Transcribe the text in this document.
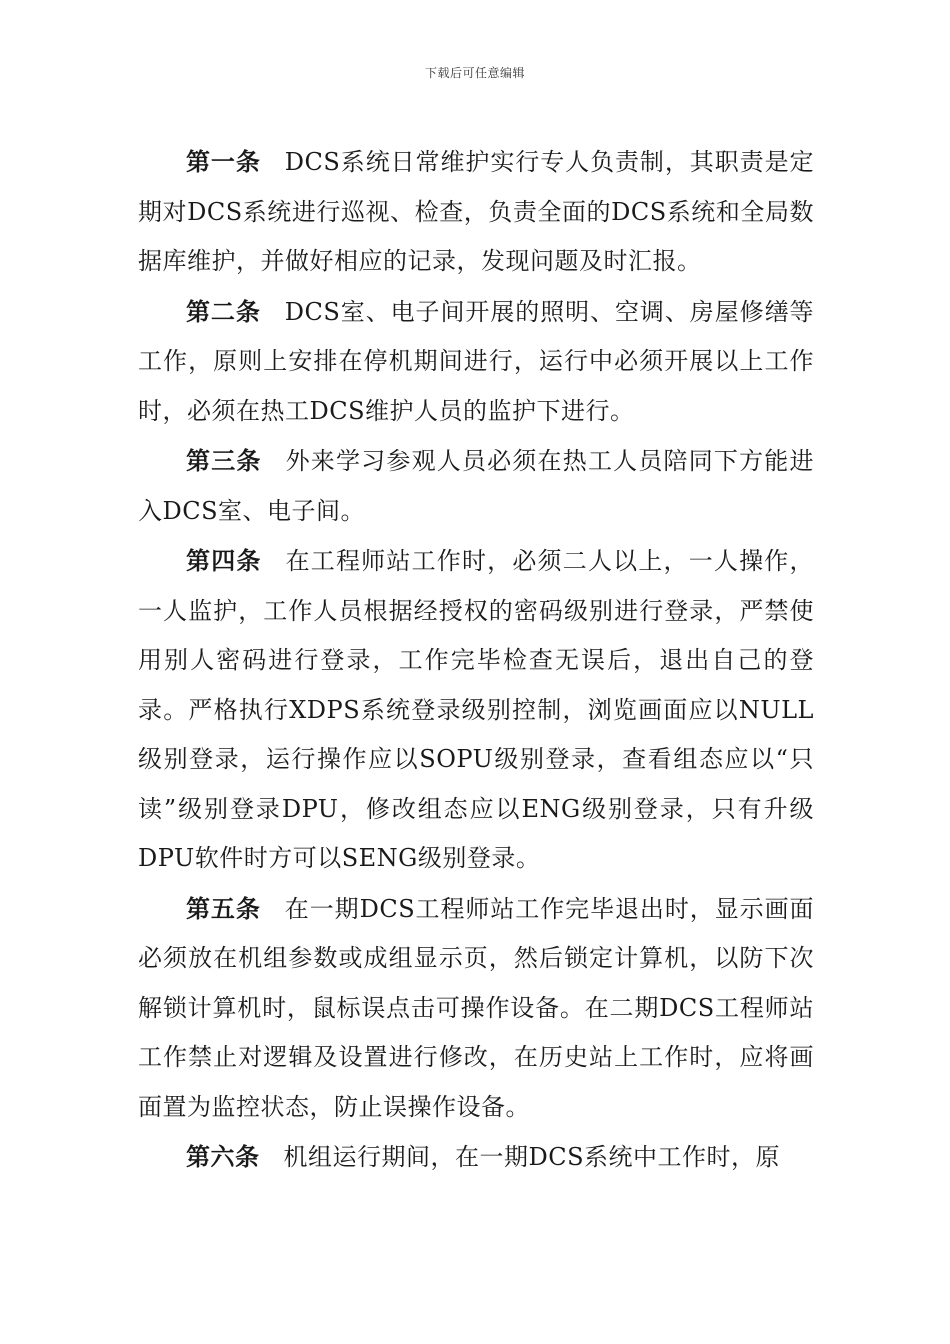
下载后可任意编辑

第一条 DCS系统日常维护实行专人负责制，其职责是定期对DCS系统进行巡视、检查，负责全面的DCS系统和全局数据库维护，并做好相应的记录，发现问题及时汇报。

第二条 DCS室、电子间开展的照明、空调、房屋修缮等工作，原则上安排在停机期间进行，运行中必须开展以上工作时，必须在热工DCS维护人员的监护下进行。

第三条 外来学习参观人员必须在热工人员陪同下方能进入DCS室、电子间。

第四条 在工程师站工作时，必须二人以上，一人操作，一人监护，工作人员根据经授权的密码级别进行登录，严禁使用别人密码进行登录，工作完毕检查无误后，退出自己的登录。严格执行XDPS系统登录级别控制，浏览画面应以NULL级别登录，运行操作应以SOPU级别登录，查看组态应以“只读”级别登录DPU，修改组态应以ENG级别登录，只有升级DPU软件时方可以SENG级别登录。

第五条 在一期DCS工程师站工作完毕退出时，显示画面必须放在机组参数或成组显示页，然后锁定计算机，以防下次解锁计算机时，鼠标误点击可操作设备。在二期DCS工程师站工作禁止对逻辑及设置进行修改，在历史站上工作时，应将画面置为监控状态，防止误操作设备。

第六条 机组运行期间，在一期DCS系统中工作时，原
